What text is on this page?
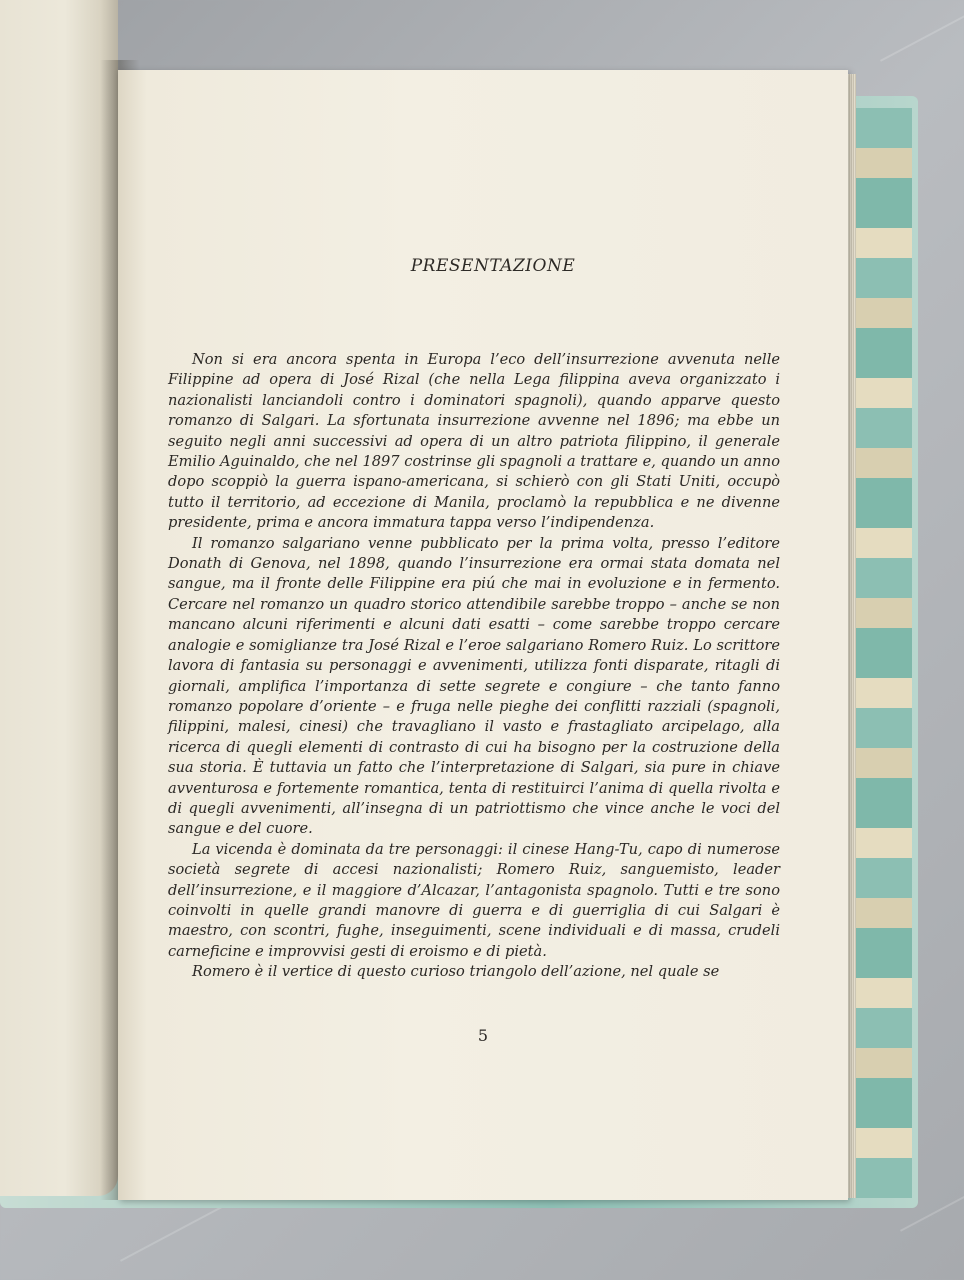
PRESENTAZIONE

Non si era ancora spenta in Europa l’eco dell’insurrezione avvenuta nelle Filippine ad opera di José Rizal (che nella Lega filippina aveva organizzato i nazionalisti lanciandoli contro i dominatori spagnoli), quando apparve questo romanzo di Salgari. La sfortunata insurrezione avvenne nel 1896; ma ebbe un seguito negli anni successivi ad opera di un altro patriota filippino, il generale Emilio Aguinaldo, che nel 1897 costrinse gli spagnoli a trattare e, quando un anno dopo scoppiò la guerra ispano-americana, si schierò con gli Stati Uniti, occupò tutto il territorio, ad eccezione di Manila, proclamò la repubblica e ne divenne presidente, prima e ancora immatura tappa verso l’indipendenza.

Il romanzo salgariano venne pubblicato per la prima volta, presso l’editore Donath di Genova, nel 1898, quando l’insurrezione era ormai stata domata nel sangue, ma il fronte delle Filippine era piú che mai in evoluzione e in fermento. Cercare nel romanzo un quadro storico attendibile sarebbe troppo – anche se non mancano alcuni riferimenti e alcuni dati esatti – come sarebbe troppo cercare analogie e somiglianze tra José Rizal e l’eroe salgariano Romero Ruiz. Lo scrittore lavora di fantasia su personaggi e avvenimenti, utilizza fonti disparate, ritagli di giornali, amplifica l’importanza di sette segrete e congiure – che tanto fanno romanzo popolare d’oriente – e fruga nelle pieghe dei conflitti razziali (spagnoli, filippini, malesi, cinesi) che travagliano il vasto e frastagliato arcipelago, alla ricerca di quegli elementi di contrasto di cui ha bisogno per la costruzione della sua storia. È tuttavia un fatto che l’interpretazione di Salgari, sia pure in chiave avventurosa e fortemente romantica, tenta di restituirci l’anima di quella rivolta e di quegli avvenimenti, all’insegna di un patriottismo che vince anche le voci del sangue e del cuore.

La vicenda è dominata da tre personaggi: il cinese Hang-Tu, capo di numerose società segrete di accesi nazionalisti; Romero Ruiz, sanguemisto, leader dell’insurrezione, e il maggiore d’Alcazar, l’antagonista spagnolo. Tutti e tre sono coinvolti in quelle grandi manovre di guerra e di guerriglia di cui Salgari è maestro, con scontri, fughe, inseguimenti, scene individuali e di massa, crudeli carneficine e improvvisi gesti di eroismo e di pietà.

Romero è il vertice di questo curioso triangolo dell’azione, nel quale se

5
